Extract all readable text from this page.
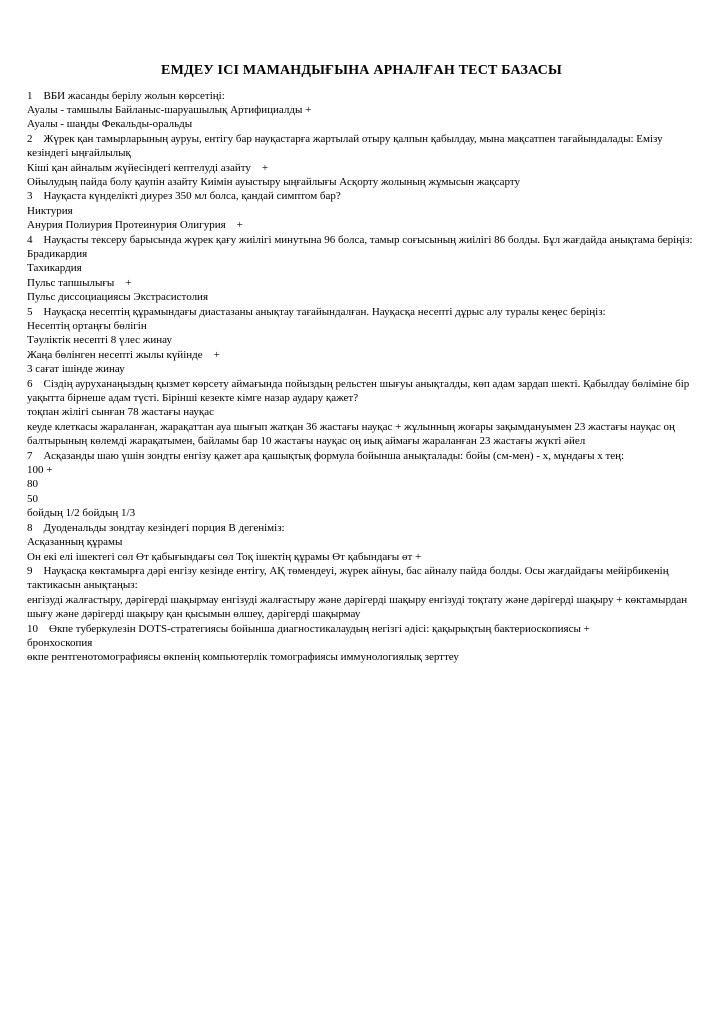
ЕМДЕУ ІСІ МАМАНДЫҒЫНА АРНАЛҒАН ТЕСТ БАЗАСЫ

1    ВБИ жасанды берілу жолын көрсетіңі:

Ауалы - тамшылы Байланыс-шаруашылық Артифициалды +

Ауалы - шаңды Фекальды-оральды

2    Жүрек қан тамырларының ауруы, ентігу бар науқастарға жартылай отыру қалпын қабылдау, мына мақсатпен тағайындалады: Емізу кезіндегі ыңғайлылық

Кіші қан айналым жүйесіндегі кептелуді азайту    +

Ойылудың пайда болу қаупін азайту Киімін ауыстыру ыңғайлығы Асқорту жолының жұмысын жақсарту

3    Науқаста күнделікті диурез 350 мл болса, қандай симптом бар?

Никтурия

Анурия Полиурия Протеинурия Олигурия    +

4    Науқасты тексеру барысында жүрек қағу жиілігі минутына 96 болса, тамыр соғысының жиілігі 86 болды. Бұл жағдайда анықтама беріңіз:

Брадикардия

Тахикардия

Пульс тапшылығы    +

Пульс диссоциациясы Экстрасистолия

5    Науқасқа несептің құрамындағы диастазаны анықтау тағайындалған. Науқасқа несепті дұрыс алу туралы кеңес беріңіз:

Несептің ортаңғы бөлігін

Тәуліктік несепті 8 үлес жинау

Жаңа бөлінген несепті жылы күйінде    +

3 сағат ішінде жинау

6    Сіздің ауруханаңыздың қызмет көрсету аймағында пойыздың рельстен шығуы анықталды, көп адам зардап шекті. Қабылдау бөліміне бір уақытта бірнеше адам түсті. Бірінші кезекте кімге назар аудару қажет?

тоқпан жілігі сынған 78 жастағы науқас

кеуде клеткасы жараланған, жарақаттан ауа шығып жатқан 36 жастағы науқас + жұлынның жоғары зақымдануымен 23 жастағы науқас оң балтырының көлемді жарақатымен, байламы бар 10 жастағы науқас оң иық аймағы жараланған 23 жастағы жүкті әйел

7    Асқазанды шаю үшін зондты енгізу қажет ара қашықтық формула бойынша анықталады: бойы (см-мен) - х, мұндағы х тең:

100 +

80

50

бойдың 1/2 бойдың 1/3

8    Дуоденальды зондтау кезіндегі порция В дегеніміз:

Асқазанның құрамы

Он екі елі ішектегі сөл Өт қабығындағы сөл Тоқ ішектің құрамы Өт қабындағы өт +

9    Науқасқа көктамырға дәрі енгізу кезінде ентігу, АҚ төмендеуі, жүрек айнуы, бас айналу пайда болды. Осы жағдайдағы мейірбикенің тактикасын анықтаңыз:

енгізуді жалғастыру, дәрігерді шақырмау енгізуді жалғастыру және дәрігерді шақыру енгізуді тоқтату және дәрігерді шақыру + көктамырдан шығу және дәрігерді шақыру қан қысымын өлшеу, дәрігерді шақырмау

10    Өкпе туберкулезін DOTS-стратегиясы бойынша диагностикалаудың негізгі әдісі: қақырықтың бактериоскопиясы +

бронхоскопия

өкпе рентгенотомографиясы өкпенің компьютерлік томографиясы иммунологиялық зерттеу
